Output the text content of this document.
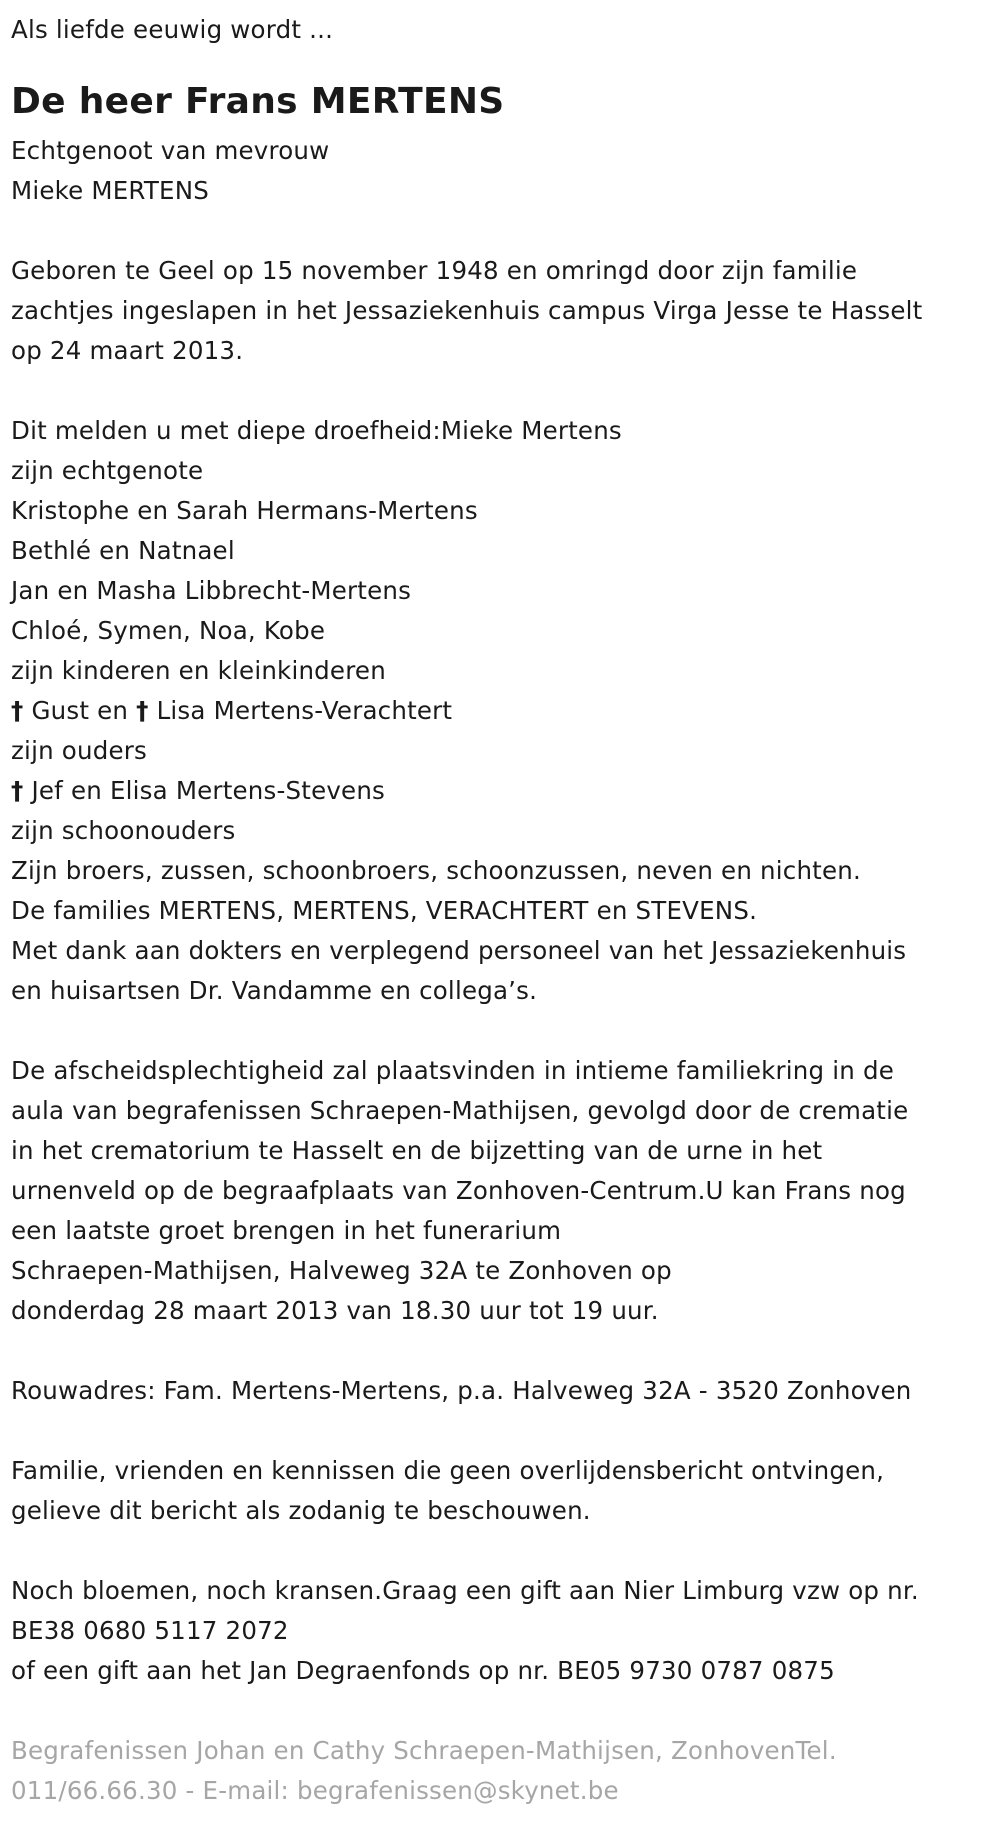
Als liefde eeuwig wordt ...
De heer Frans MERTENS
Echtgenoot van mevrouw
Mieke MERTENS
Geboren te Geel op 15 november 1948 en omringd door zijn familie
zachtjes ingeslapen in het Jessaziekenhuis campus Virga Jesse te Hasselt
op 24 maart 2013.
Dit melden u met diepe droefheid:Mieke Mertens
zijn echtgenote
Kristophe en Sarah Hermans-Mertens
Bethlé en Natnael
Jan en Masha Libbrecht-Mertens
Chloé, Symen, Noa, Kobe
zijn kinderen en kleinkinderen
† Gust en † Lisa Mertens-Verachtert
zijn ouders
† Jef en Elisa Mertens-Stevens
zijn schoonouders
Zijn broers, zussen, schoonbroers, schoonzussen, neven en nichten.
De families MERTENS, MERTENS, VERACHTERT en STEVENS.
Met dank aan dokters en verplegend personeel van het Jessaziekenhuis
en huisartsen Dr. Vandamme en collega’s.
De afscheidsplechtigheid zal plaatsvinden in intieme familiekring in de
aula van begrafenissen Schraepen-Mathijsen, gevolgd door de crematie
in het crematorium te Hasselt en de bijzetting van de urne in het
urnenveld op de begraafplaats van Zonhoven-Centrum.U kan Frans nog
een laatste groet brengen in het funerarium
Schraepen-Mathijsen, Halveweg 32A te Zonhoven op
donderdag 28 maart 2013 van 18.30 uur tot 19 uur.
Rouwadres: Fam. Mertens-Mertens, p.a. Halveweg 32A - 3520 Zonhoven
Familie, vrienden en kennissen die geen overlijdensbericht ontvingen,
gelieve dit bericht als zodanig te beschouwen.
Noch bloemen, noch kransen.Graag een gift aan Nier Limburg vzw op nr.
BE38 0680 5117 2072
of een gift aan het Jan Degraenfonds op nr. BE05 9730 0787 0875
Begrafenissen Johan en Cathy Schraepen-Mathijsen, ZonhovenTel.
011/66.66.30 - E-mail: begrafenissen@skynet.be
